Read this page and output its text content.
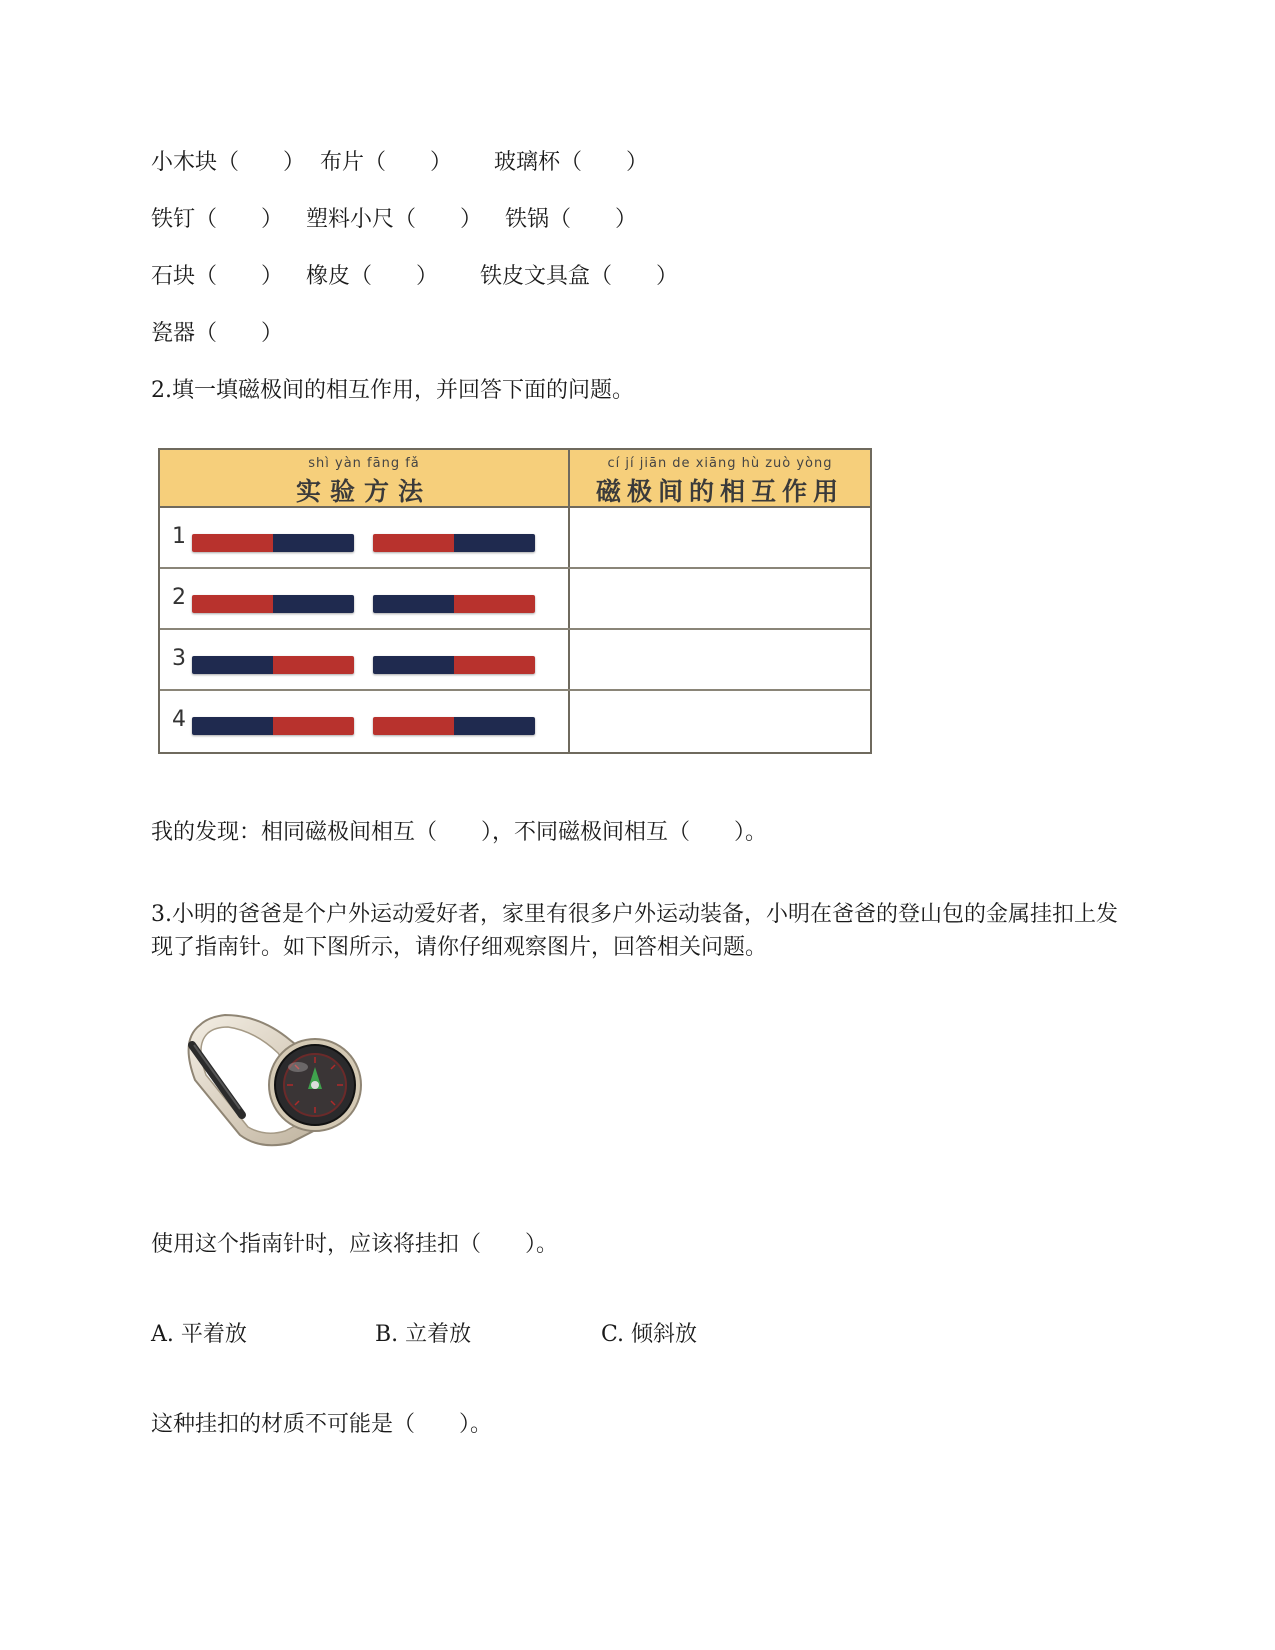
小木块（　　） 布片（　　） 玻璃杯（　　）
铁钉（　　） 塑料小尺（　　） 铁锅（　　）
石块（　　） 橡皮（　　） 铁皮文具盒（　　）
瓷器（　　）
2.填一填磁极间的相互作用，并回答下面的问题。
shì yàn fāng fǎ
实验方法
cí jí jiān de xiāng hù zuò yòng
磁极间的相互作用
1
2
3
4
我的发现：相同磁极间相互（　　），不同磁极间相互（　　）。
3.小明的爸爸是个户外运动爱好者，家里有很多户外运动装备，小明在爸爸的登山包的金属挂扣上发现了指南针。如下图所示，请你仔细观察图片，回答相关问题。
使用这个指南针时，应该将挂扣（　　）。
A. 平着放	B. 立着放	C. 倾斜放
这种挂扣的材质不可能是（　　）。
